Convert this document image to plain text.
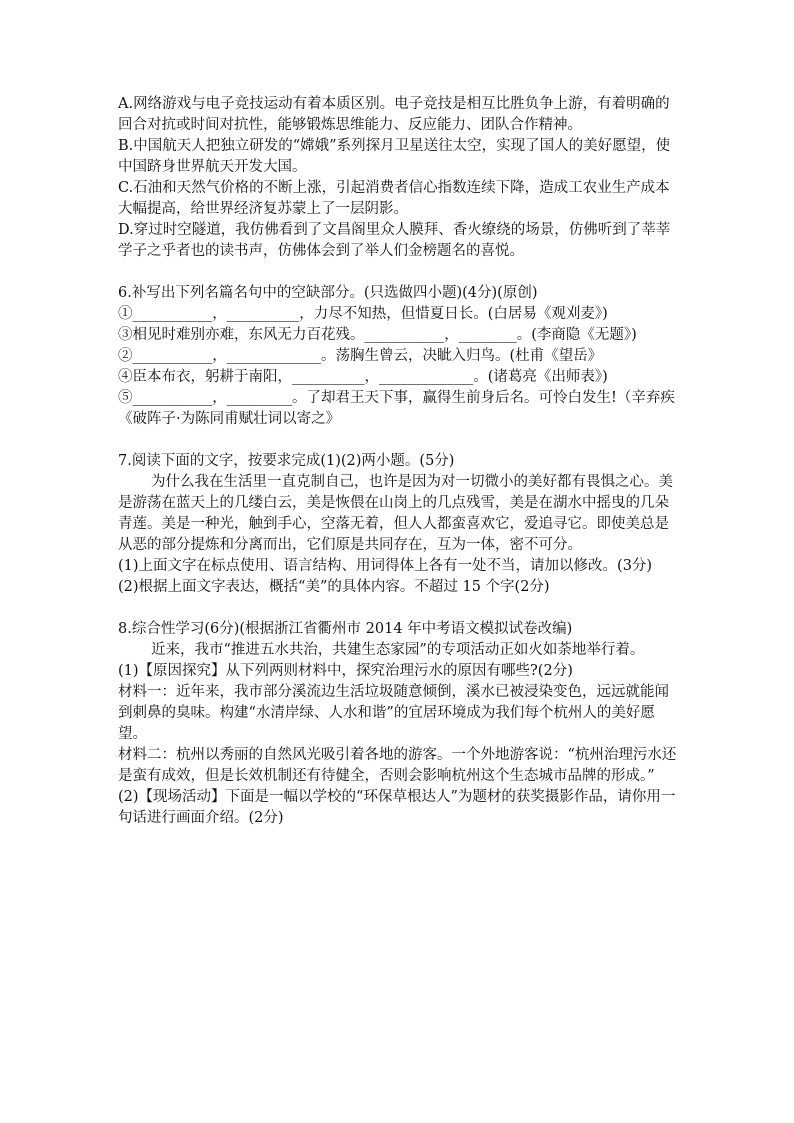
A.网络游戏与电子竞技运动有着本质区别。电子竞技是相互比胜负争上游，有着明确的回合对抗或时间对抗性，能够锻炼思维能力、反应能力、团队合作精神。

B.中国航天人把独立研发的“嫦娥”系列探月卫星送往太空，实现了国人的美好愿望，使中国跻身世界航天开发大国。

C.石油和天然气价格的不断上涨，引起消费者信心指数连续下降，造成工农业生产成本大幅提高，给世界经济复苏蒙上了一层阴影。

D.穿过时空隧道，我仿佛看到了文昌阁里众人膜拜、香火缭绕的场景，仿佛听到了莘莘学子之乎者也的读书声，仿佛体会到了举人们金榜题名的喜悦。

6.补写出下列名篇名句中的空缺部分。(只选做四小题)(4分)(原创)

①___________，__________，力尽不知热，但惜夏日长。(白居易《观刈麦》)

③相见时难别亦难，东风无力百花残。___________，________。(李商隐《无题》)

②___________，_____________。荡胸生曾云，决眦入归鸟。(杜甫《望岳》

④臣本布衣，躬耕于南阳，__________，_____________。(诸葛亮《出师表》)

⑤___________，_________。了却君王天下事，赢得生前身后名。可怜白发生!（辛弃疾《破阵子·为陈同甫赋壮词以寄之》

7.阅读下面的文字，按要求完成(1)(2)两小题。(5分)

为什么我在生活里一直克制自己，也许是因为对一切微小的美好都有畏惧之心。美是游荡在蓝天上的几缕白云，美是恢偎在山岗上的几点残雪，美是在湖水中摇曳的几朵青莲。美是一种光，触到手心，空落无着，但人人都蛮喜欢它，爱追寻它。即使美总是从恶的部分提炼和分离而出，它们原是共同存在，互为一体，密不可分。

(1)上面文字在标点使用、语言结构、用词得体上各有一处不当，请加以修改。(3分)

(2)根据上面文字表达，概括“美”的具体内容。不超过 15 个字(2分)

8.综合性学习(6分)(根据浙江省衢州市 2014 年中考语文模拟试卷改编)

近来，我市“推进五水共治，共建生态家园”的专项活动正如火如荼地举行着。

(1)【原因探究】从下列两则材料中，探究治理污水的原因有哪些?(2分)

材料一：近年来，我市部分溪流边生活垃圾随意倾倒，溪水已被浸染变色，远远就能闻到刺鼻的臭味。构建“水清岸绿、人水和谐”的宜居环境成为我们每个杭州人的美好愿望。

材料二：杭州以秀丽的自然风光吸引着各地的游客。一个外地游客说：“杭州治理污水还是蛮有成效，但是长效机制还有待健全，否则会影响杭州这个生态城市品牌的形成。”

(2)【现场活动】下面是一幅以学校的“环保草根达人”为题材的获奖摄影作品，请你用一句话进行画面介绍。(2分)
